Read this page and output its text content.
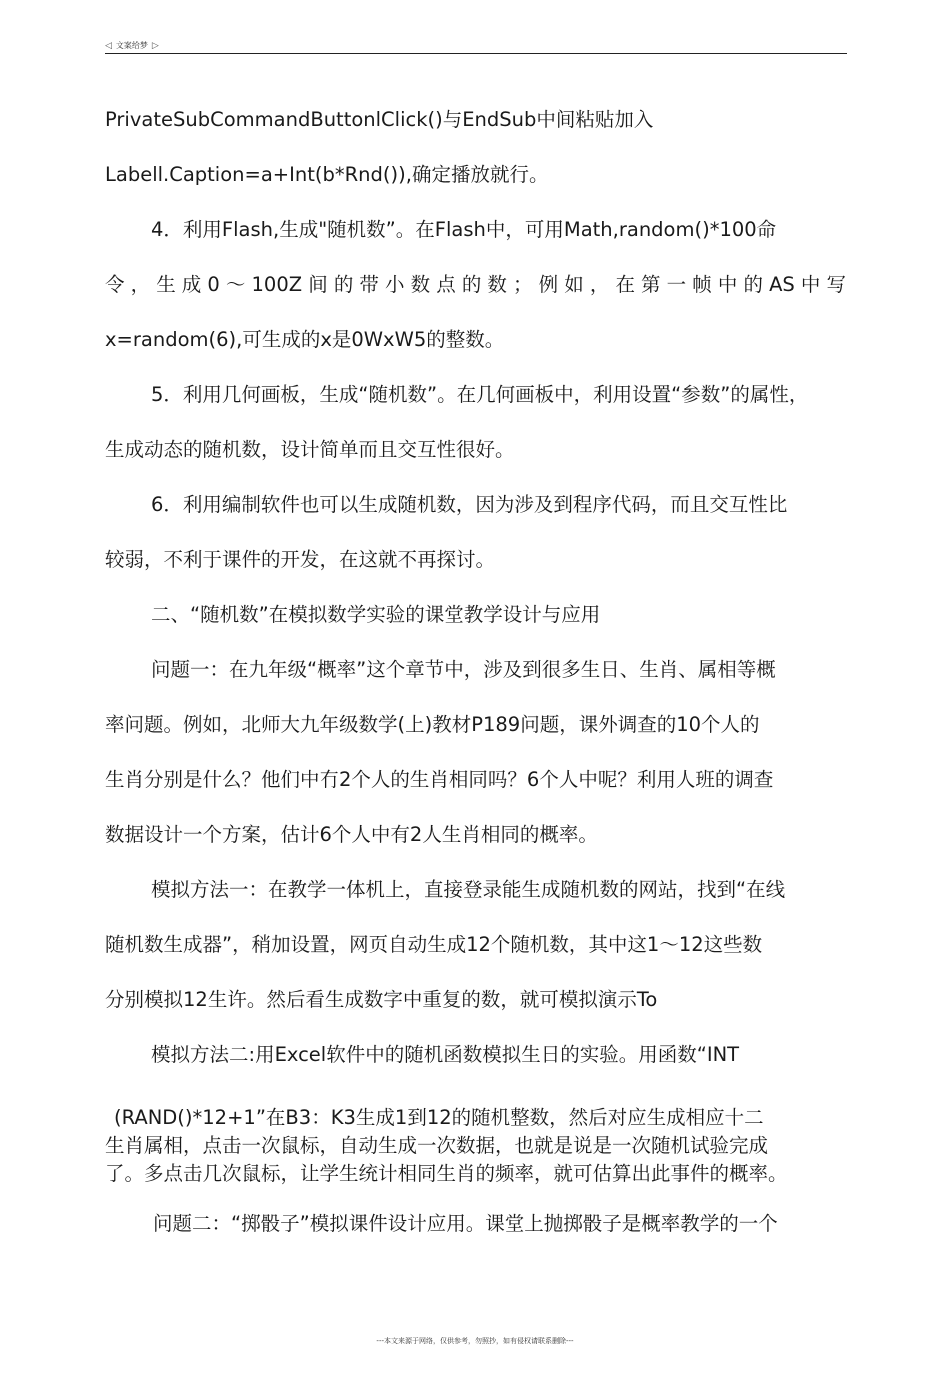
◁ 文案给梦 ▷
PrivateSubCommandButtonlClick()与EndSub中间粘贴加入
Labell.Caption=a+Int(b*Rnd()),确定播放就行。
4．利用Flash,生成"随机数”。在Flash中，可用Math,random()*100命
令，生成0〜100Z间的带小数点的数；例如，在第一帧中的AS中写
x=random(6),可生成的x是0WxW5的整数。
5．利用几何画板，生成“随机数”。在几何画板中，利用设置“参数”的属性，
生成动态的随机数，设计简单而且交互性很好。
6．利用编制软件也可以生成随机数，因为涉及到程序代码，而且交互性比
较弱，不利于课件的开发，在这就不再探讨。
二、“随机数”在模拟数学实验的课堂教学设计与应用
问题一：在九年级“概率”这个章节中，涉及到很多生日、生肖、属相等概
率问题。例如，北师大九年级数学(上)教材P189问题，课外调查的10个人的
生肖分别是什么？他们中冇2个人的生肖相同吗？6个人中呢？利用人班的调查
数据设计一个方案，估计6个人中有2人生肖相同的概率。
模拟方法一：在教学一体机上，直接登录能生成随机数的网站，找到“在线
随机数生成器”，稍加设置，网页自动生成12个随机数，其中这1〜12这些数
分别模拟12生许。然后看生成数字中重复的数，就可模拟演示To
模拟方法二:用Excel软件中的随机函数模拟生日的实验。用函数“INT
(RAND()*12+1”在B3：K3生成1到12的随机整数，然后对应生成相应十二
生肖属相，点击一次鼠标，自动生成一次数据，也就是说是一次随机试验完成
了。多点击几次鼠标，让学生统计相同生肖的频率，就可估算出此事件的概率。
问题二：“掷骰子”模拟课件设计应用。课堂上抛掷骰子是概率教学的一个
---本文来源于网络，仅供参考，勿照抄，如有侵权请联系删除---
